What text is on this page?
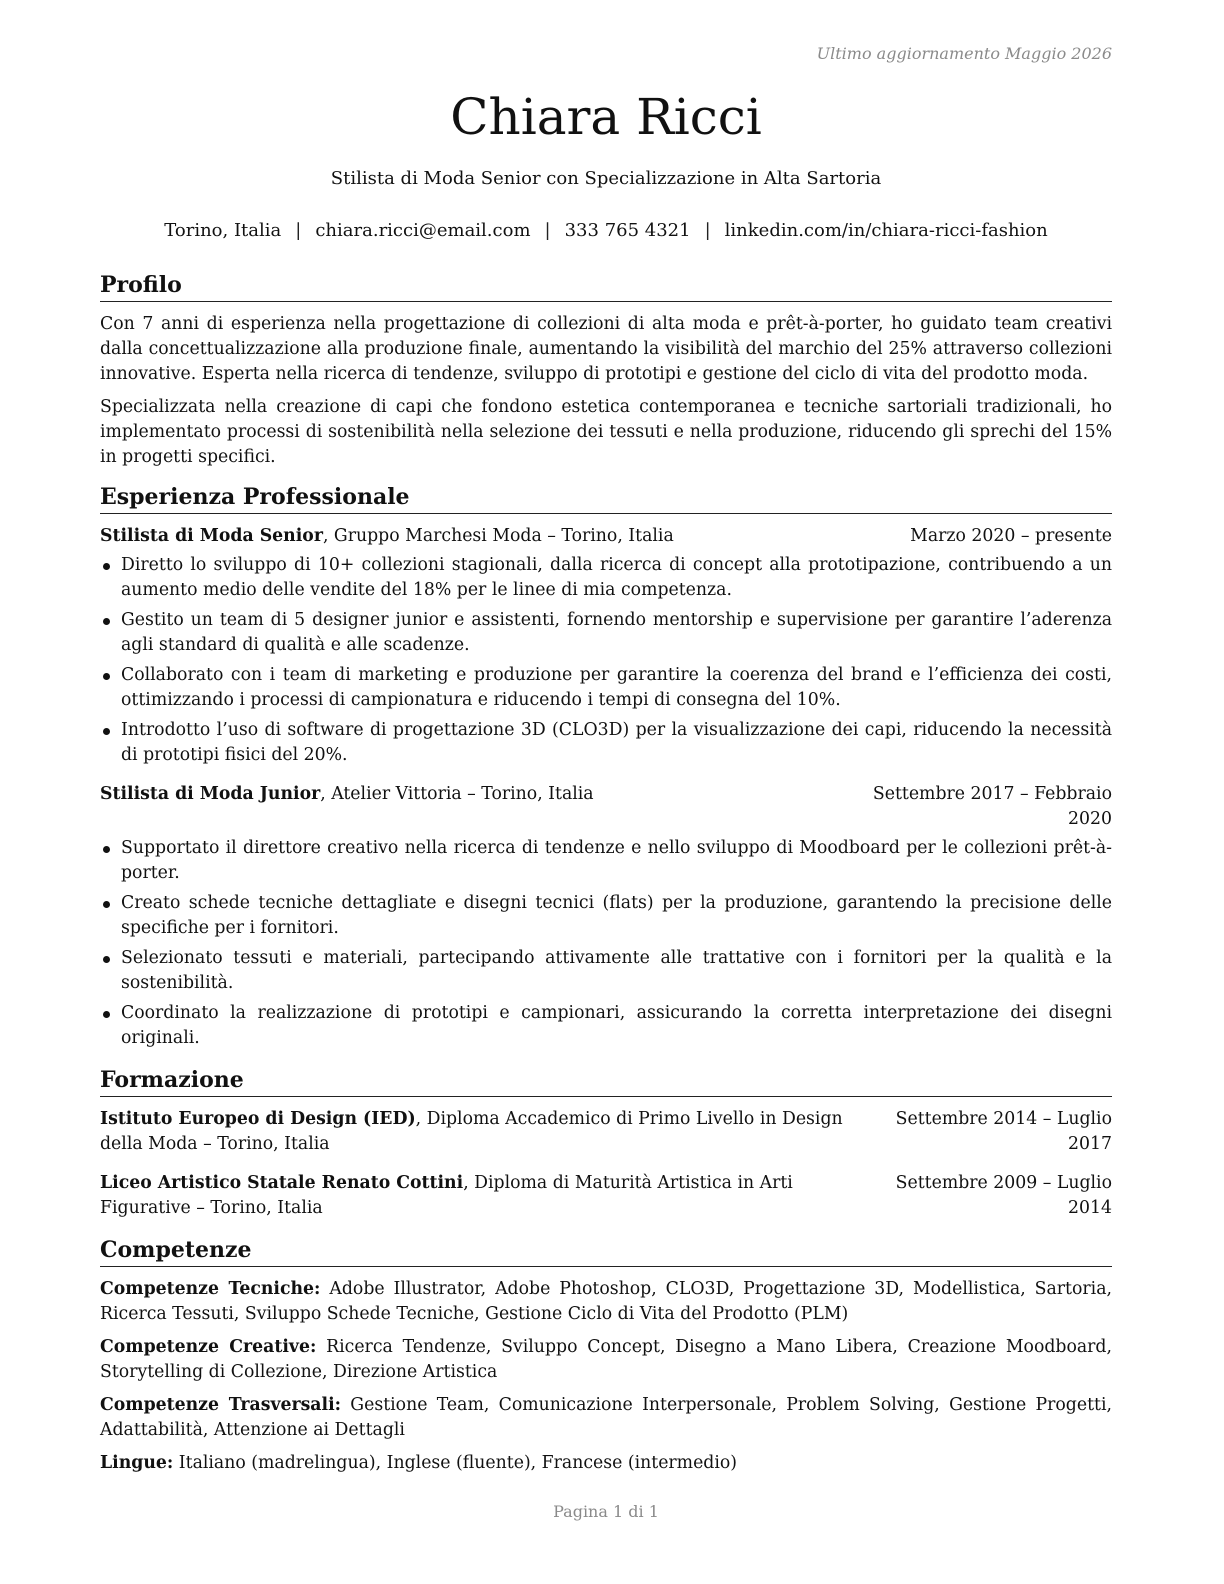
Ultimo aggiornamento Maggio 2026
Chiara Ricci
Stilista di Moda Senior con Specializzazione in Alta Sartoria
Torino, Italia | chiara.ricci@email.com | 333 765 4321 | linkedin.com/in/chiara-ricci-fashion
Profilo

Con 7 anni di esperienza nella progettazione di collezioni di alta moda e prêt-à-porter, ho guidato team creativi dalla concettualizzazione alla produzione finale, aumentando la visibilità del marchio del 25% attraverso collezioni innovative. Esperta nella ricerca di tendenze, sviluppo di prototipi e gestione del ciclo di vita del prodotto moda.

Specializzata nella creazione di capi che fondono estetica contemporanea e tecniche sartoriali tradizionali, ho implementato processi di sostenibilità nella selezione dei tessuti e nella produzione, riducendo gli sprechi del 15% in progetti specifici.

Esperienza Professionale
Stilista di Moda Senior, Gruppo Marchesi Moda – Torino, Italia	Marzo 2020 – presente
Diretto lo sviluppo di 10+ collezioni stagionali, dalla ricerca di concept alla prototipazione, contribuendo a un aumento medio delle vendite del 18% per le linee di mia competenza.
Gestito un team di 5 designer junior e assistenti, fornendo mentorship e supervisione per garantire l’aderenza agli standard di qualità e alle scadenze.
Collaborato con i team di marketing e produzione per garantire la coerenza del brand e l’efficienza dei costi, ottimizzando i processi di campionatura e riducendo i tempi di consegna del 10%.
Introdotto l’uso di software di progettazione 3D (CLO3D) per la visualizzazione dei capi, riducendo la necessità di prototipi fisici del 20%.
Stilista di Moda Junior, Atelier Vittoria – Torino, Italia	Settembre 2017 – Febbraio 2020
Supportato il direttore creativo nella ricerca di tendenze e nello sviluppo di Moodboard per le collezioni prêt-à-porter.
Creato schede tecniche dettagliate e disegni tecnici (flats) per la produzione, garantendo la precisione delle specifiche per i fornitori.
Selezionato tessuti e materiali, partecipando attivamente alle trattative con i fornitori per la qualità e la sostenibilità.
Coordinato la realizzazione di prototipi e campionari, assicurando la corretta interpretazione dei disegni originali.
Formazione
Istituto Europeo di Design (IED), Diploma Accademico di Primo Livello in Design della Moda – Torino, Italia
Settembre 2014 – Luglio 2017
Liceo Artistico Statale Renato Cottini, Diploma di Maturità Artistica in Arti Figurative – Torino, Italia
Settembre 2009 – Luglio 2014
Competenze
Competenze Tecniche: Adobe Illustrator, Adobe Photoshop, CLO3D, Progettazione 3D, Modellistica, Sartoria, Ricerca Tessuti, Sviluppo Schede Tecniche, Gestione Ciclo di Vita del Prodotto (PLM)
Competenze Creative: Ricerca Tendenze, Sviluppo Concept, Disegno a Mano Libera, Creazione Moodboard, Storytelling di Collezione, Direzione Artistica
Competenze Trasversali: Gestione Team, Comunicazione Interpersonale, Problem Solving, Gestione Progetti, Adattabilità, Attenzione ai Dettagli
Lingue: Italiano (madrelingua), Inglese (fluente), Francese (intermedio)
Pagina 1 di 1
